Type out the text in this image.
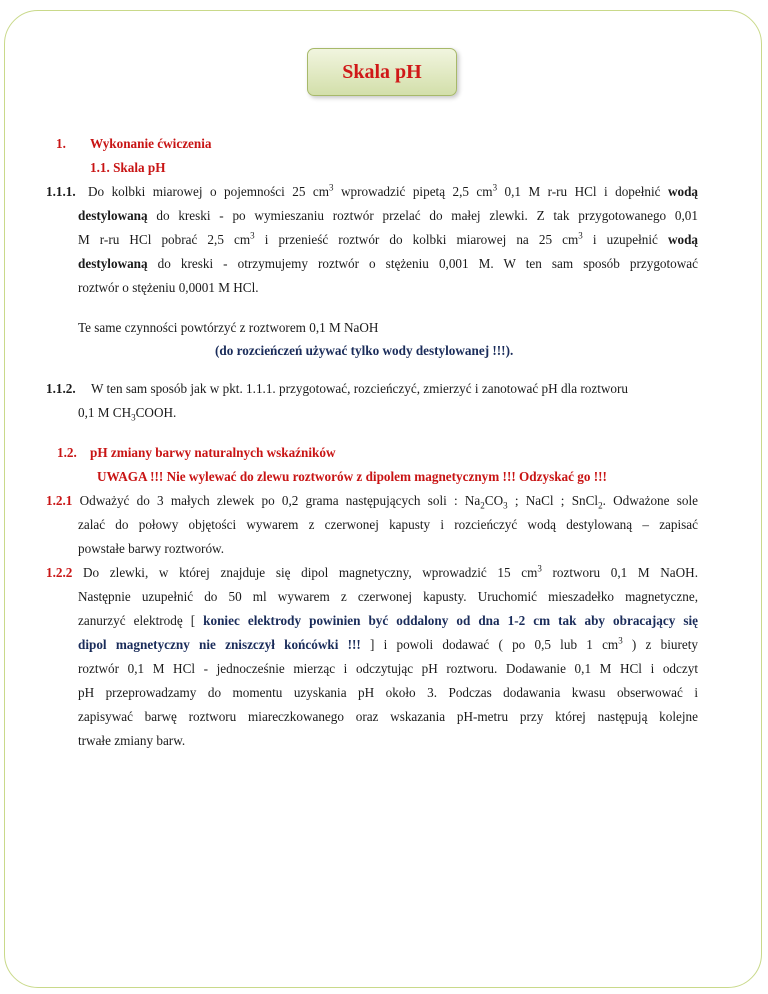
Skala pH
1. Wykonanie ćwiczenia
1.1. Skala pH
1.1.1. Do kolbki miarowej o pojemności 25 $cm^3$ wprowadzić pipetą 2,5 $cm^3$ 0,1 M r-ru HCl i dopełnić wodą
destylowaną do kreski - po wymieszaniu roztwór przelać do małej zlewki. Z tak przygotowanego 0,01
M r-ru HCl pobrać 2,5 $cm^3$ i przenieść roztwór do kolbki miarowej na 25 $cm^3$ i uzupełnić wodą
destylowaną do kreski - otrzymujemy roztwór o stężeniu 0,001 M. W ten sam sposób przygotować
roztwór o stężeniu 0,0001 M HCl.
Te same czynności powtórzyć z roztworem 0,1 M NaOH
(do rozcieńczeń używać tylko wody destylowanej !!!).
1.1.2. W ten sam sposób jak w pkt. 1.1.1. przygotować, rozcieńczyć, zmierzyć i zanotować pH dla roztworu
0,1 M $CH_3COOH$.
1.2. pH zmiany barwy naturalnych wskaźników
UWAGA !!! Nie wylewać do zlewu roztworów z dipolem magnetycznym !!! Odzyskać go !!!
1.2.1 Odważyć do 3 małych zlewek po 0,2 grama następujących soli : $Na_2CO_3$ ; NaCl ; SnCl$_2$. Odważone sole
zalać do połowy objętości wywarem z czerwonej kapusty i rozcieńczyć wodą destylowaną – zapisać
powstałe barwy roztworów.
1.2.2 Do zlewki, w której znajduje się dipol magnetyczny, wprowadzić 15 $cm^3$ roztworu 0,1 M NaOH.
Następnie uzupełnić do 50 ml wywarem z czerwonej kapusty. Uruchomić mieszadełko magnetyczne,
zanurzyć elektrodę [ koniec elektrody powinien być oddalony od dna 1-2 cm tak aby obracający się
dipol magnetyczny nie zniszczył końcówki !!! ] i powoli dodawać ( po 0,5 lub 1 $cm^3$ ) z biurety
roztwór 0,1 M HCl - jednocześnie mierząc i odczytując pH roztworu. Dodawanie 0,1 M HCl i odczyt
pH przeprowadzamy do momentu uzyskania pH około 3. Podczas dodawania kwasu obserwować i
zapisywać barwę roztworu miareczkowanego oraz wskazania pH-metru przy której następują kolejne
trwałe zmiany barw.
